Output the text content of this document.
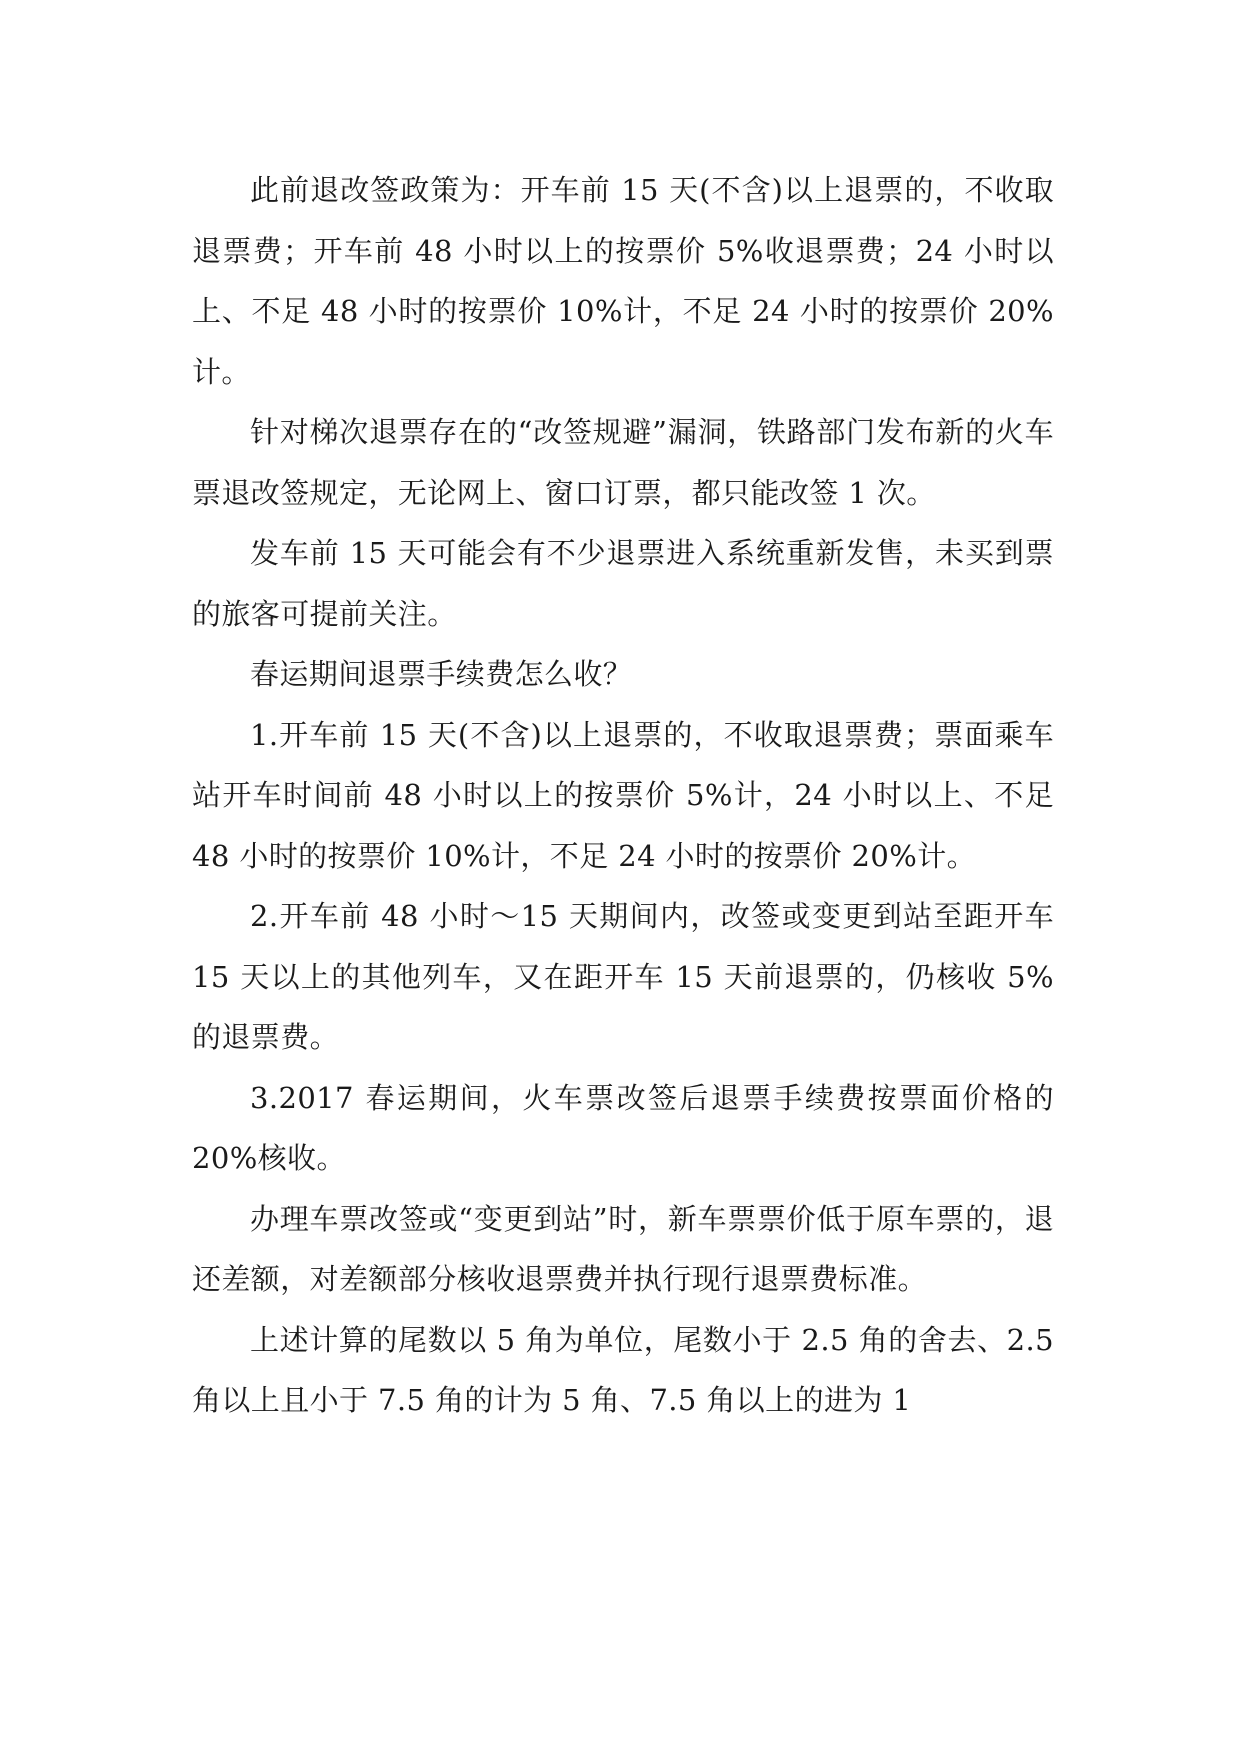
此前退改签政策为：开车前 15 天(不含)以上退票的，不收取退票费；开车前 48 小时以上的按票价 5%收退票费；24 小时以上、不足 48 小时的按票价 10%计，不足 24 小时的按票价 20%计。

针对梯次退票存在的“改签规避”漏洞，铁路部门发布新的火车票退改签规定，无论网上、窗口订票，都只能改签 1 次。

发车前 15 天可能会有不少退票进入系统重新发售，未买到票的旅客可提前关注。

春运期间退票手续费怎么收？

1.开车前 15 天(不含)以上退票的，不收取退票费；票面乘车站开车时间前 48 小时以上的按票价 5%计，24 小时以上、不足 48 小时的按票价 10%计，不足 24 小时的按票价 20%计。

2.开车前 48 小时～15 天期间内，改签或变更到站至距开车 15 天以上的其他列车，又在距开车 15 天前退票的，仍核收 5%的退票费。

3.2017 春运期间，火车票改签后退票手续费按票面价格的 20%核收。

办理车票改签或“变更到站”时，新车票票价低于原车票的，退还差额，对差额部分核收退票费并执行现行退票费标准。

上述计算的尾数以 5 角为单位，尾数小于 2.5 角的舍去、2.5 角以上且小于 7.5 角的计为 5 角、7.5 角以上的进为 1
